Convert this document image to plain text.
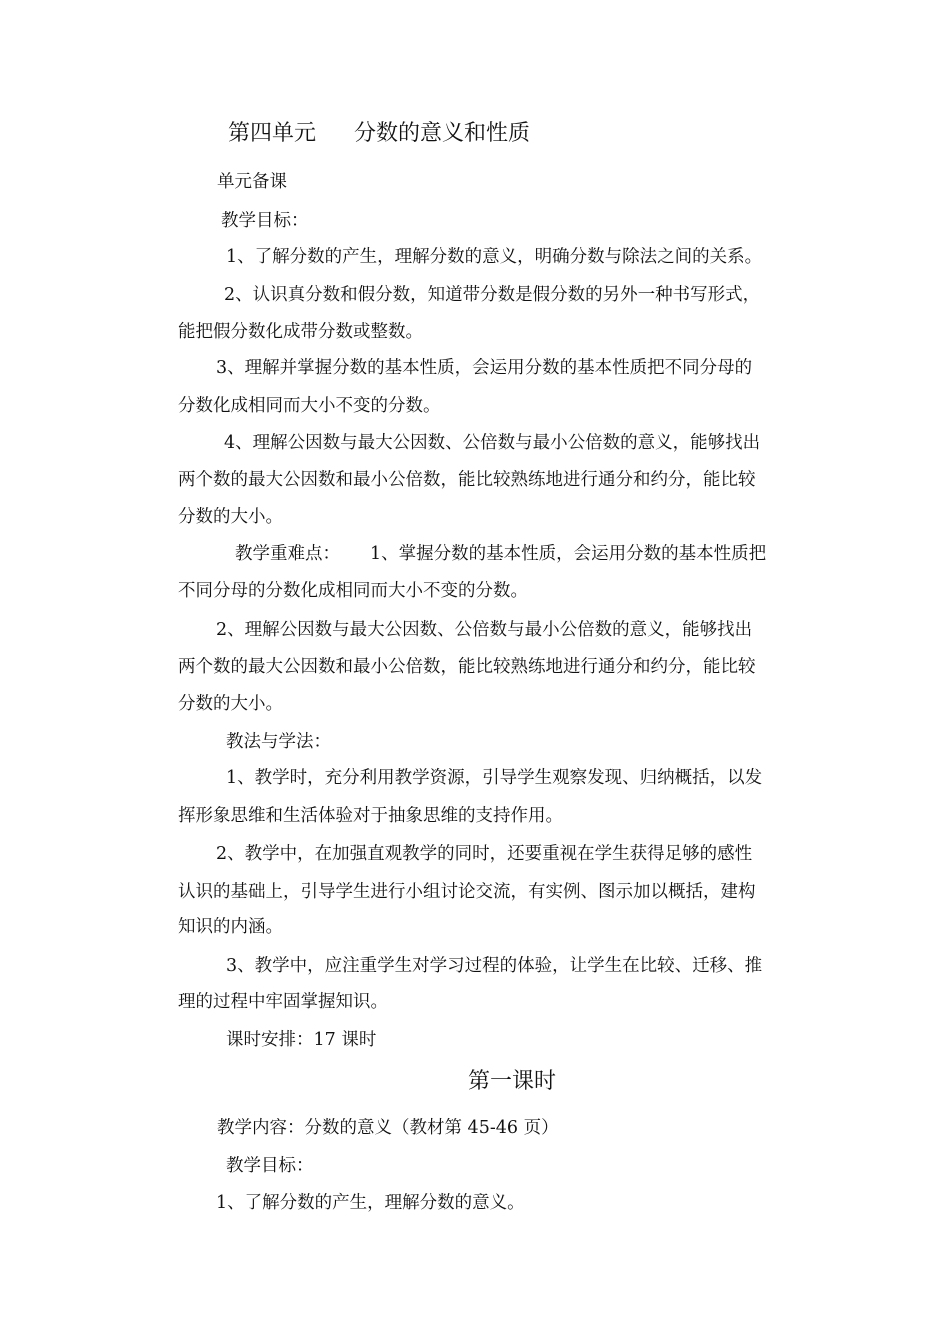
第四单元 分数的意义和性质
单元备课
教学目标：
1、了解分数的产生，理解分数的意义，明确分数与除法之间的关系。
2、认识真分数和假分数，知道带分数是假分数的另外一种书写形式，
能把假分数化成带分数或整数。
3、理解并掌握分数的基本性质，会运用分数的基本性质把不同分母的
分数化成相同而大小不变的分数。
4、理解公因数与最大公因数、公倍数与最小公倍数的意义，能够找出
两个数的最大公因数和最小公倍数，能比较熟练地进行通分和约分，能比较
分数的大小。
教学重难点： 1、掌握分数的基本性质，会运用分数的基本性质把
不同分母的分数化成相同而大小不变的分数。
2、理解公因数与最大公因数、公倍数与最小公倍数的意义，能够找出
两个数的最大公因数和最小公倍数，能比较熟练地进行通分和约分，能比较
分数的大小。
教法与学法：
1、教学时，充分利用教学资源，引导学生观察发现、归纳概括，以发
挥形象思维和生活体验对于抽象思维的支持作用。
2、教学中，在加强直观教学的同时，还要重视在学生获得足够的感性
认识的基础上，引导学生进行小组讨论交流，有实例、图示加以概括，建构
知识的内涵。
3、教学中，应注重学生对学习过程的体验，让学生在比较、迁移、推
理的过程中牢固掌握知识。
课时安排：17 课时
第一课时
教学内容：分数的意义（教材第 45-46 页）
教学目标：
1、了解分数的产生，理解分数的意义。
